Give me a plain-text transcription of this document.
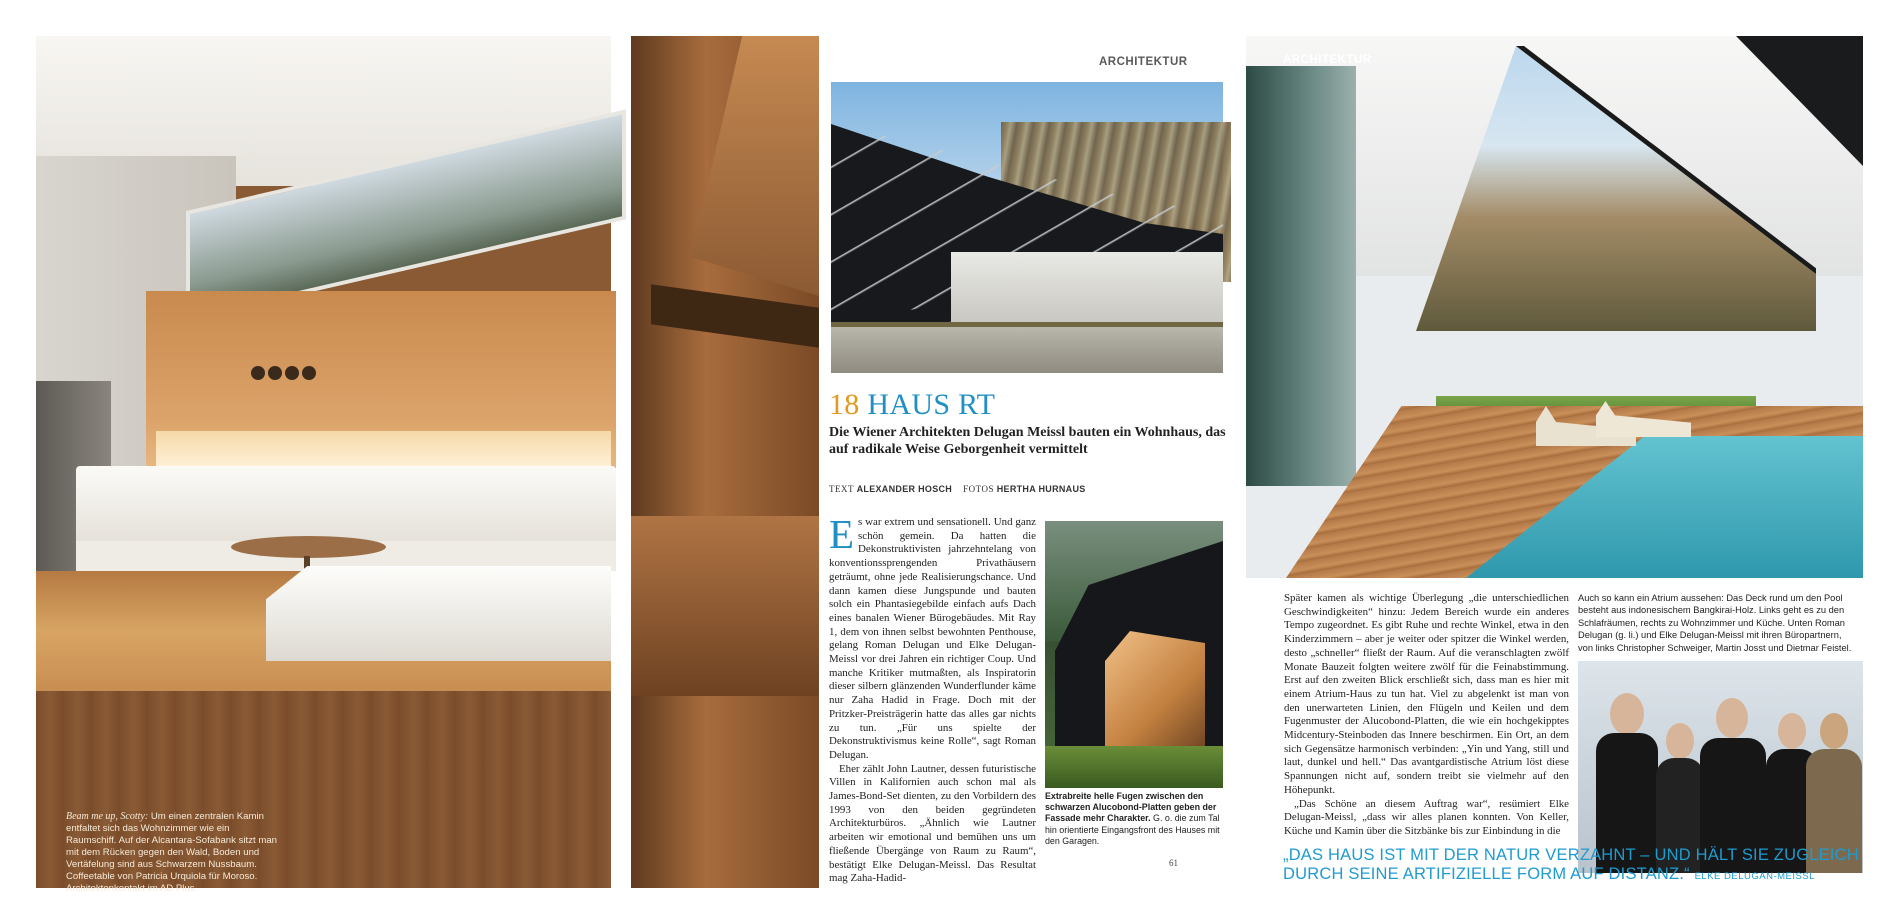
Beam me up, Scotty: Um einen zentralen Kamin entfaltet sich das Wohnzimmer wie ein Raumschiff. Auf der Alcantara-Sofabank sitzt man mit dem Rücken gegen den Wald, Boden und Vertäfelung sind aus Schwarzem Nussbaum. Coffeetable von Patricia Urquiola für Moroso. Architektenkontakt im AD Plus.
ARCHITEKTUR
18 HAUS RT
Die Wiener Architekten Delugan Meissl bauten ein Wohnhaus, das auf radikale Weise Geborgenheit vermittelt
TEXT ALEXANDER HOSCH FOTOS HERTHA HURNAUS

Es war extrem und sensationell. Und ganz schön gemein. Da hatten die Dekonstruktivisten jahrzehntelang von konventionssprengenden Privathäusern geträumt, ohne jede Realisierungschance. Und dann kamen diese Jungspunde und bauten solch ein Phantasiegebilde einfach aufs Dach eines banalen Wiener Bürogebäudes. Mit Ray 1, dem von ihnen selbst bewohnten Penthouse, gelang Roman Delugan und Elke Delugan-Meissl vor drei Jahren ein richtiger Coup. Und manche Kritiker mutmaßten, als Inspiratorin dieser silbern glänzenden Wunderflunder käme nur Zaha Hadid in Frage. Doch mit der Pritzker-Preisträgerin hatte das alles gar nichts zu tun. „Für uns spielte der Dekonstruktivismus keine Rolle“, sagt Roman Delugan.

Eher zählt John Lautner, dessen futuristische Villen in Kalifornien auch schon mal als James-Bond-Set dienten, zu den Vorbildern des 1993 von den beiden gegründeten Architekturbüros. „Ähnlich wie Lautner arbeiten wir emotional und bemühen uns um fließende Übergänge von Raum zu Raum“, bestätigt Elke Delugan-Meissl. Das Resultat mag Zaha-Hadid-

Extrabreite helle Fugen zwischen den schwarzen Alucobond-Platten geben der Fassade mehr Charakter. G. o. die zum Tal hin orientierte Eingangsfront des Hauses mit den Garagen.
61
ARCHITEKTUR

Später kamen als wichtige Überlegung „die unterschiedlichen Geschwindigkeiten“ hinzu: Jedem Bereich wurde ein anderes Tempo zugeordnet. Es gibt Ruhe und rechte Winkel, etwa in den Kinderzimmern – aber je weiter oder spitzer die Winkel werden, desto „schneller“ fließt der Raum. Auf die veranschlagten zwölf Monate Bauzeit folgten weitere zwölf für die Feinabstimmung. Erst auf den zweiten Blick erschließt sich, dass man es hier mit einem Atrium-Haus zu tun hat. Viel zu abgelenkt ist man von den unerwarteten Linien, den Flügeln und Keilen und dem Fugenmuster der Alucobond-Platten, die wie ein hochgekipptes Midcentury-Steinboden das Innere beschirmen. Ein Ort, an dem sich Gegensätze harmonisch verbinden: „Yin und Yang, still und laut, dunkel und hell.“ Das avantgardistische Atrium löst diese Spannungen nicht auf, sondern treibt sie vielmehr auf den Höhepunkt.

„Das Schöne an diesem Auftrag war“, resümiert Elke Delugan-Meissl, „dass wir alles planen konnten. Von Keller, Küche und Kamin über die Sitzbänke bis zur Einbindung in die

Auch so kann ein Atrium aussehen: Das Deck rund um den Pool besteht aus indonesischem Bangkirai-Holz. Links geht es zu den Schlafräumen, rechts zu Wohnzimmer und Küche. Unten Roman Delugan (g. li.) und Elke Delugan-Meissl mit ihren Büropartnern, von links Christopher Schweiger, Martin Josst und Dietmar Feistel.
„DAS HAUS IST MIT DER NATUR VERZAHNT – UND HÄLT SIE ZUGLEICH DURCH SEINE ARTIFIZIELLE FORM AUF DISTANZ.“ ELKE DELUGAN-MEISSL
